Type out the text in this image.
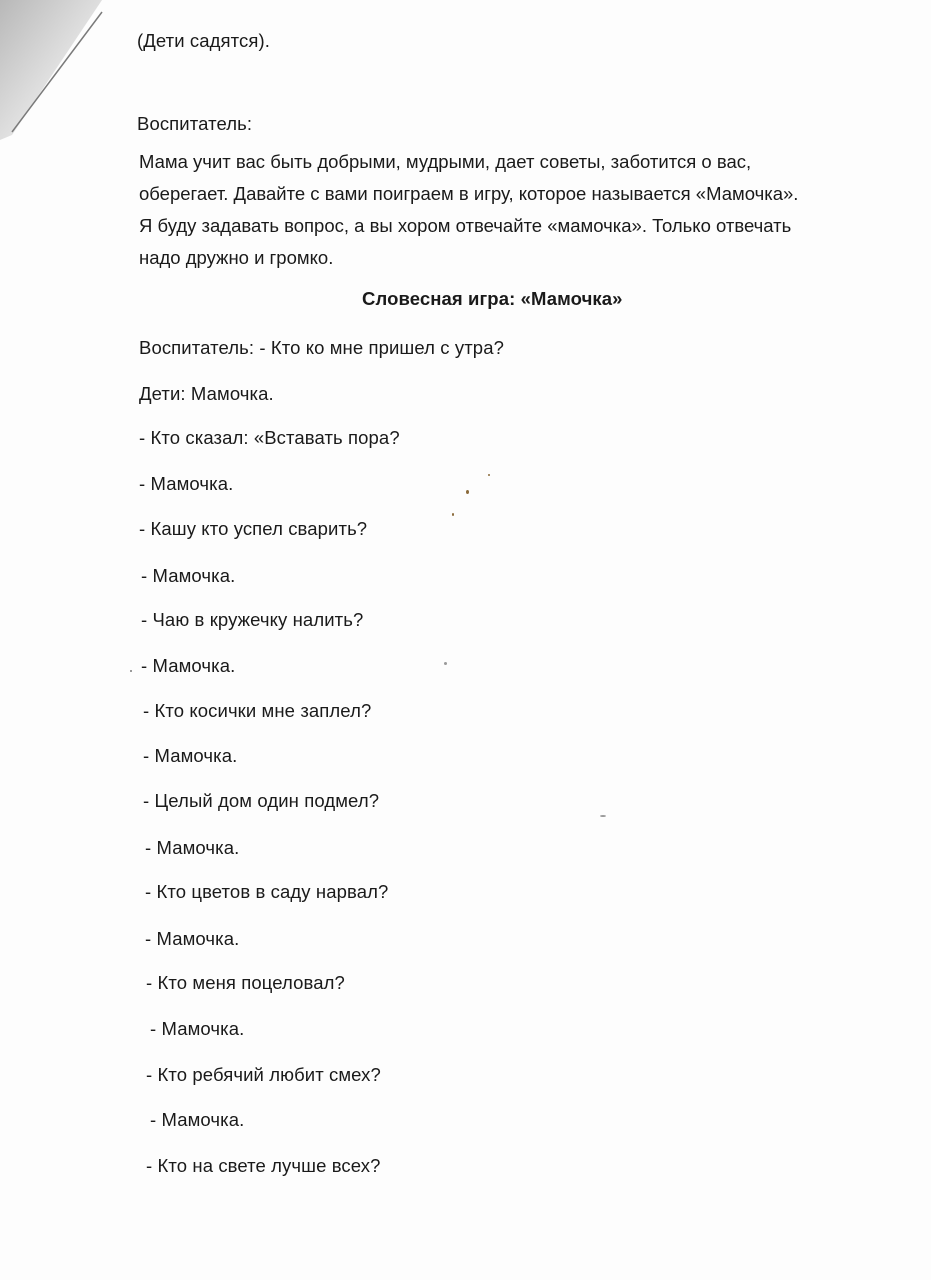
(Дети садятся).
Воспитатель:
Мама учит вас быть добрыми, мудрыми, дает советы, заботится о вас,
оберегает. Давайте с вами поиграем в игру, которое называется «Мамочка».
Я буду задавать вопрос, а вы хором отвечайте «мамочка». Только отвечать
надо дружно и громко.
Словесная игра: «Мамочка»
Воспитатель: - Кто ко мне пришел с утра?
Дети: Мамочка.
- Кто сказал: «Вставать пора?
- Мамочка.
- Кашу кто успел сварить?
- Мамочка.
- Чаю в кружечку налить?
- Мамочка.
- Кто косички мне заплел?
- Мамочка.
- Целый дом один подмел?
- Мамочка.
- Кто цветов в саду нарвал?
- Мамочка.
- Кто меня поцеловал?
- Мамочка.
- Кто ребячий любит смех?
- Мамочка.
- Кто на свете лучше всех?
